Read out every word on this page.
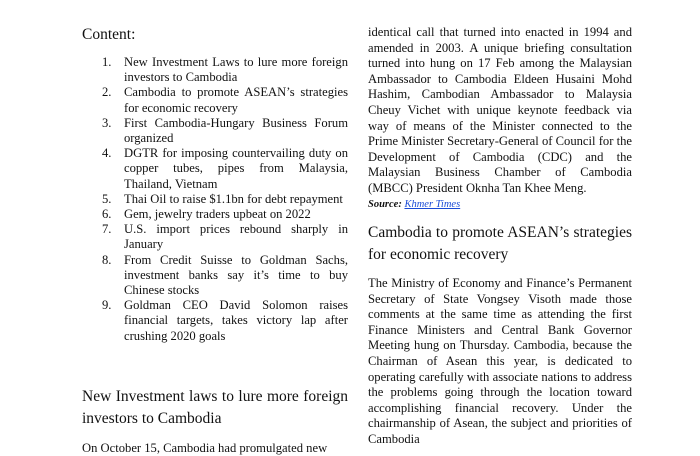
Content:
1. New Investment Laws to lure more foreign investors to Cambodia
2. Cambodia to promote ASEAN’s strategies for economic recovery
3. First Cambodia-Hungary Business Forum organized
4. DGTR for imposing countervailing duty on copper tubes, pipes from Malaysia, Thailand, Vietnam
5. Thai Oil to raise $1.1bn for debt repayment
6. Gem, jewelry traders upbeat on 2022
7. U.S. import prices rebound sharply in January
8. From Credit Suisse to Goldman Sachs, investment banks say it’s time to buy Chinese stocks
9. Goldman CEO David Solomon raises financial targets, takes victory lap after crushing 2020 goals
New Investment laws to lure more foreign investors to Cambodia

On October 15, Cambodia had promulgated new

identical call that turned into enacted in 1994 and amended in 2003. A unique briefing consultation turned into hung on 17 Feb among the Malaysian Ambassador to Cambodia Eldeen Husaini Mohd Hashim, Cambodian Ambassador to Malaysia Cheuy Vichet with unique keynote feedback via way of means of the Minister connected to the Prime Minister Secretary-General of Council for the Development of Cambodia (CDC) and the Malaysian Business Chamber of Cambodia (MBCC) President Oknha Tan Khee Meng.

Source: Khmer Times
Cambodia to promote ASEAN’s strategies for economic recovery

The Ministry of Economy and Finance’s Permanent Secretary of State Vongsey Visoth made those comments at the same time as attending the first Finance Ministers and Central Bank Governor Meeting hung on Thursday. Cambodia, because the Chairman of Asean this year, is dedicated to operating carefully with associate nations to address the problems going through the location toward accomplishing financial recovery. Under the chairmanship of Asean, the subject and priorities of Cambodia
